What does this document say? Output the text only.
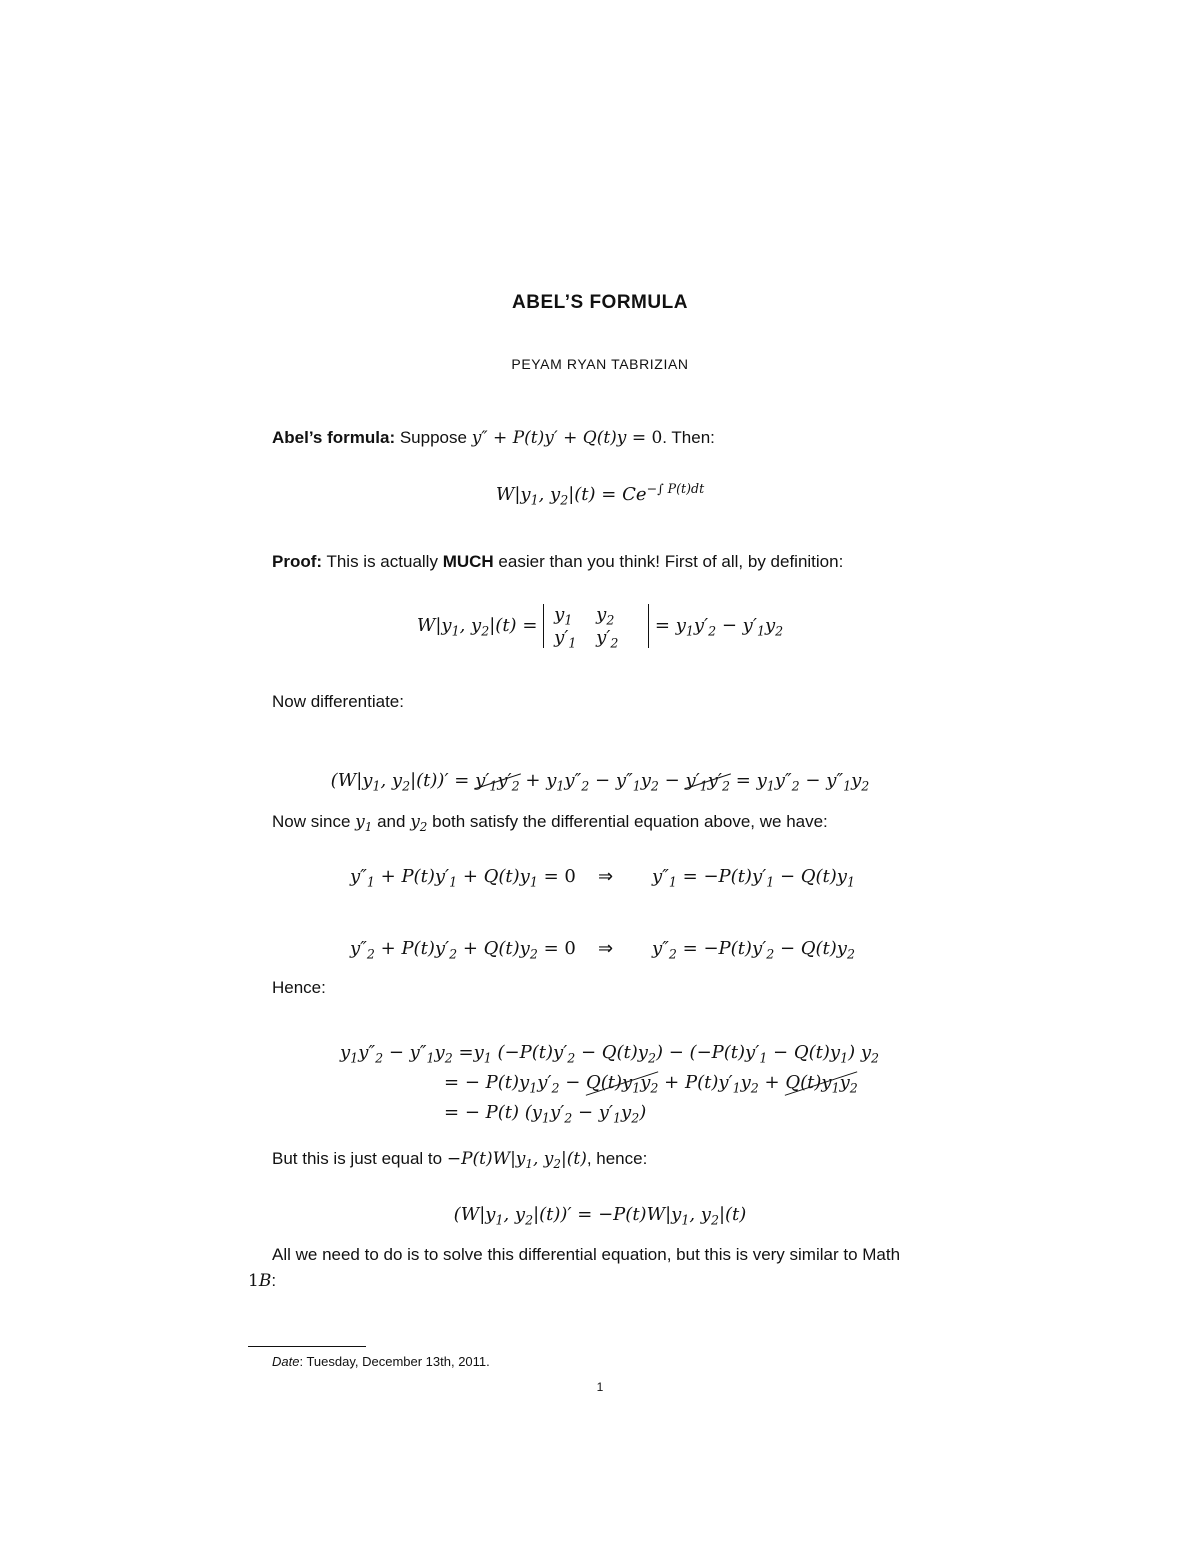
ABEL’S FORMULA
PEYAM RYAN TABRIZIAN
Abel’s formula: Suppose y″ + P(t)y′ + Q(t)y = 0. Then:
$W|y_1$, $y_2|(t) = Ce^{-\int P(t)dt}$
Proof: This is actually MUCH easier than you think! First of all, by definition:
$W|y_1$, $y_2|(t)$ =
$y_1$	$y_2$
$y'_1$	$y'_2$
= $y_1y'_2 - y'_1y_2$
Now differentiate:
($W|y_1$, $y_2|(t))' = y'_1y'_2 + y_1y''_2 - y''_1y_2 - y'_1y'_2 = y_1y''_2 - y''_1y_2$
Now since $y_1$ and $y_2$ both satisfy the differential equation above, we have:
$y''_1 + P(t)y'_1 + Q(t)y_1 = 0$ ⇒ $y''_1 = -P(t)y'_1 - Q(t)y_1$
$y''_2 + P(t)y'_2 + Q(t)y_2 = 0$ ⇒ $y''_2 = -P(t)y'_2 - Q(t)y_2$
Hence:
$y_1y''_2 - y''_1y_2 =y_1$ $(-P(t)y'_2 - Q(t)y_2) - (-P(t)y'_1 - Q(t)y_1)$ $y_2$
= − $P(t)y_1y'_2 - Q(t)y_1y_2 + P(t)y'_1y_2 + Q(t)y_1y_2$
= − P(t) $(y_1y'_2 - y'_1y_2)$
But this is just equal to $-P(t)W|y_1$, $y_2|(t)$, hence:
($W|y_1$, $y_2|(t))' = -P(t)W|y_1$, $y_2|(t)$
All we need to do is to solve this differential equation, but this is very similar to Math
1B:
Date: Tuesday, December 13th, 2011.
1
